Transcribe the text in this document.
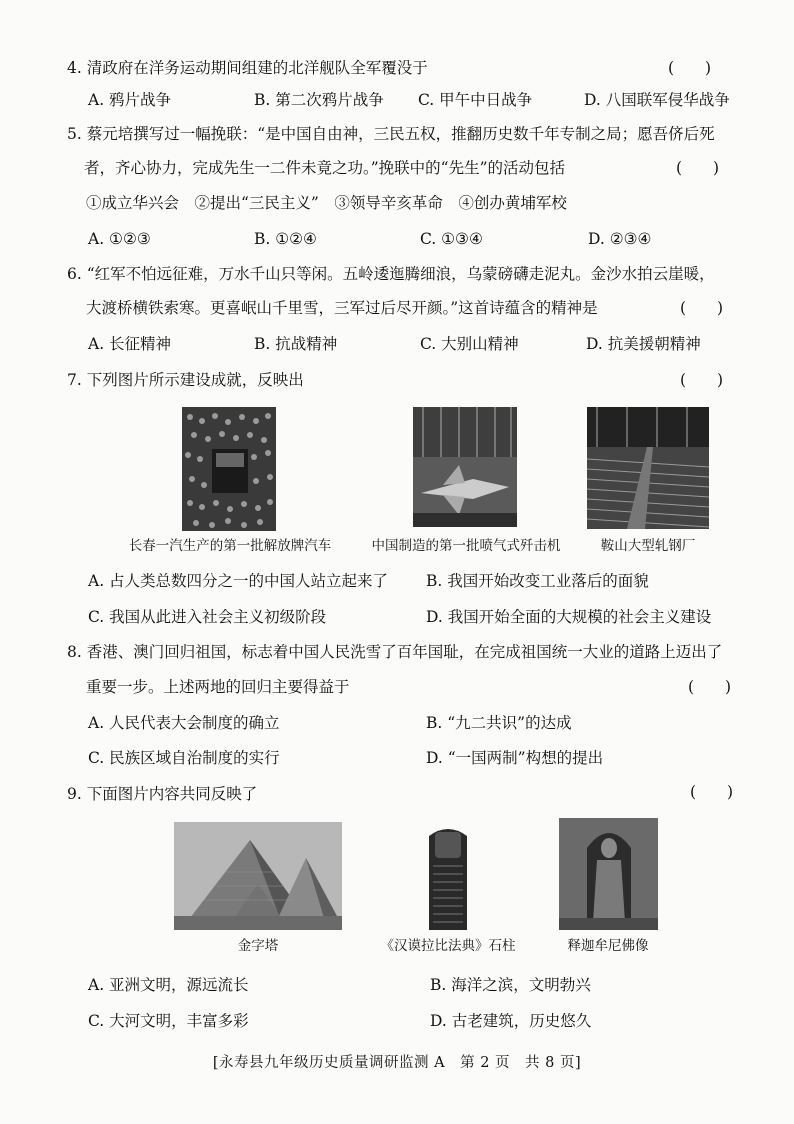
4. 清政府在洋务运动期间组建的北洋舰队全军覆没于	(　　)
A. 鸦片战争	B. 第二次鸦片战争 C. 甲午中日战争	D. 八国联军侵华战争
5. 蔡元培撰写过一幅挽联：“是中国自由神，三民五权，推翻历史数千年专制之局；愿吾侪后死
者，齐心协力，完成先生一二件未竟之功。”挽联中的“先生”的活动包括	(　　)
①成立华兴会　②提出“三民主义”　③领导辛亥革命　④创办黄埔军校
A. ①②③	B. ①②④	C. ①③④	D. ②③④
6. “红军不怕远征难，万水千山只等闲。五岭逶迤腾细浪，乌蒙磅礴走泥丸。金沙水拍云崖暖，
大渡桥横铁索寒。更喜岷山千里雪，三军过后尽开颜。”这首诗蕴含的精神是	(　　)
A. 长征精神	B. 抗战精神	C. 大别山精神	D. 抗美援朝精神
7. 下列图片所示建设成就，反映出	(　　)
长春一汽生产的第一批解放牌汽车	中国制造的第一批喷气式歼击机	鞍山大型轧钢厂
A. 占人类总数四分之一的中国人站立起来了 B. 我国开始改变工业落后的面貌
C. 我国从此进入社会主义初级阶段	D. 我国开始全面的大规模的社会主义建设
8. 香港、澳门回归祖国，标志着中国人民洗雪了百年国耻，在完成祖国统一大业的道路上迈出了
重要一步。上述两地的回归主要得益于	(　　)
A. 人民代表大会制度的确立	B. “九二共识”的达成
C. 民族区域自治制度的实行	D. “一国两制”构想的提出
9. 下面图片内容共同反映了	(　　)
金字塔	《汉谟拉比法典》石柱	释迦牟尼佛像
A. 亚洲文明，源远流长	B. 海洋之滨，文明勃兴
C. 大河文明，丰富多彩	D. 古老建筑，历史悠久
[永寿县九年级历史质量调研监测 A　第 2 页　共 8 页]
